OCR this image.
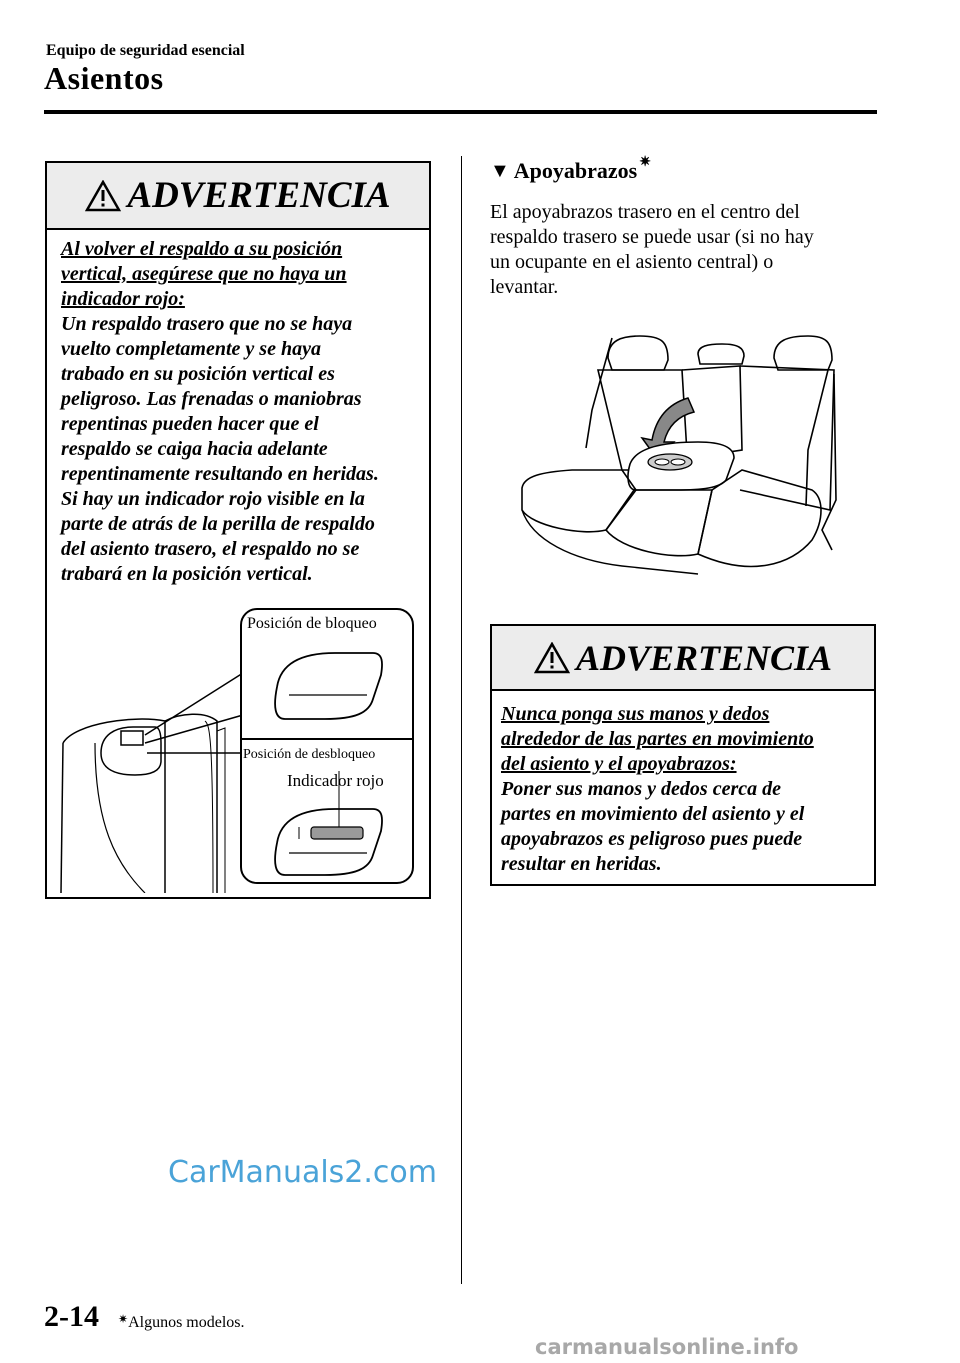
Equipo de seguridad esencial
Asientos
ADVERTENCIA
Al volver el respaldo a su posición
vertical, asegúrese que no haya un
indicador rojo:
Un respaldo trasero que no se haya
vuelto completamente y se haya
trabado en su posición vertical es
peligroso. Las frenadas o maniobras
repentinas pueden hacer que el
respaldo se caiga hacia adelante
repentinamente resultando en heridas.
Si hay un indicador rojo visible en la
parte de atrás de la perilla de respaldo
del asiento trasero, el respaldo no se
trabará en la posición vertical.
Posición de bloqueo
Posición de desbloqueo
Indicador rojo
▼ Apoyabrazos ✷
El apoyabrazos trasero en el centro del
respaldo trasero se puede usar (si no hay
un ocupante en el asiento central) o
levantar.
ADVERTENCIA
Nunca ponga sus manos y dedos
alrededor de las partes en movimiento
del asiento y el apoyabrazos:
Poner sus manos y dedos cerca de
partes en movimiento del asiento y el
apoyabrazos es peligroso pues puede
resultar en heridas.
CarManuals2.com
2-14 ✷Algunos modelos.
carmanualsonline.info
